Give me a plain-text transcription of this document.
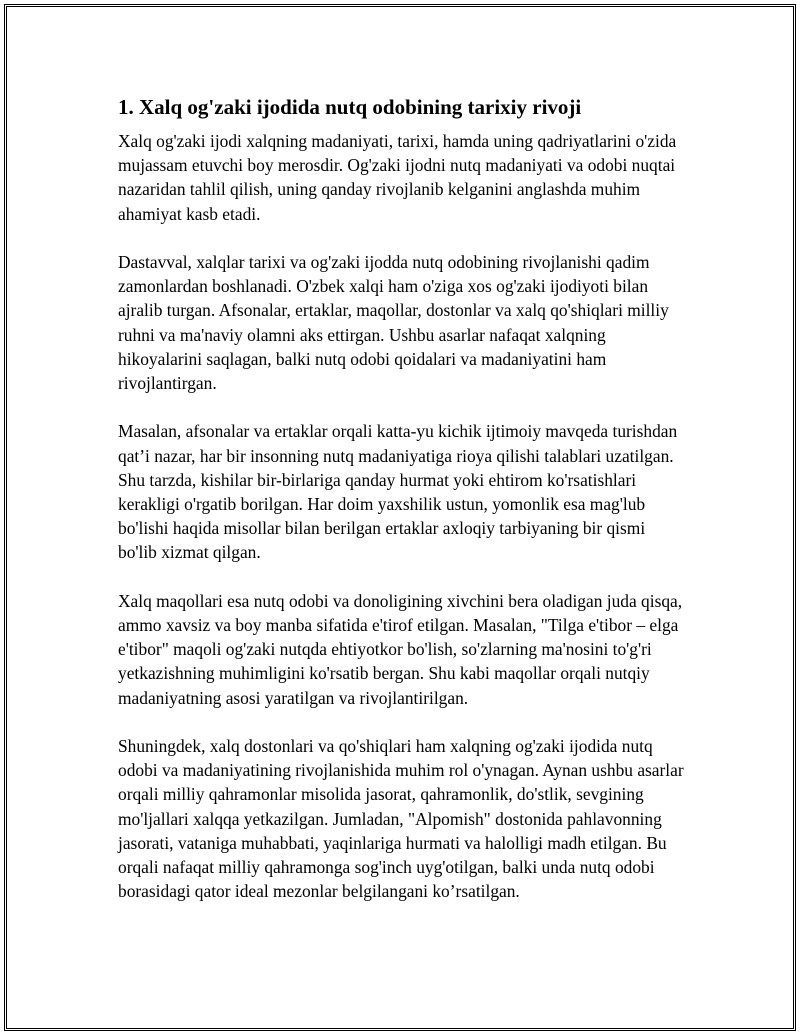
1. Xalq og'zaki ijodida nutq odobining tarixiy rivoji

Xalq og'zaki ijodi xalqning madaniyati, tarixi, hamda uning qadriyatlarini o'zida mujassam etuvchi boy merosdir. Og'zaki ijodni nutq madaniyati va odobi nuqtai nazaridan tahlil qilish, uning qanday rivojlanib kelganini anglashda muhim ahamiyat kasb etadi.

Dastavval, xalqlar tarixi va og'zaki ijodda nutq odobining rivojlanishi qadim zamonlardan boshlanadi. O'zbek xalqi ham o'ziga xos og'zaki ijodiyoti bilan ajralib turgan. Afsonalar, ertaklar, maqollar, dostonlar va xalq qo'shiqlari milliy ruhni va ma'naviy olamni aks ettirgan. Ushbu asarlar nafaqat xalqning hikoyalarini saqlagan, balki nutq odobi qoidalari va madaniyatini ham rivojlantirgan.

Masalan, afsonalar va ertaklar orqali katta-yu kichik ijtimoiy mavqeda turishdan qat’i nazar, har bir insonning nutq madaniyatiga rioya qilishi talablari uzatilgan. Shu tarzda, kishilar bir-birlariga qanday hurmat yoki ehtirom ko'rsatishlari kerakligi o'rgatib borilgan. Har doim yaxshilik ustun, yomonlik esa mag'lub bo'lishi haqida misollar bilan berilgan ertaklar axloqiy tarbiyaning bir qismi bo'lib xizmat qilgan.

Xalq maqollari esa nutq odobi va donoligining xivchini bera oladigan juda qisqa, ammo xavsiz va boy manba sifatida e'tirof etilgan. Masalan, "Tilga e'tibor – elga e'tibor" maqoli og'zaki nutqda ehtiyotkor bo'lish, so'zlarning ma'nosini to'g'ri yetkazishning muhimligini ko'rsatib bergan. Shu kabi maqollar orqali nutqiy madaniyatning asosi yaratilgan va rivojlantirilgan.

Shuningdek, xalq dostonlari va qo'shiqlari ham xalqning og'zaki ijodida nutq odobi va madaniyatining rivojlanishida muhim rol o'ynagan. Aynan ushbu asarlar orqali milliy qahramonlar misolida jasorat, qahramonlik, do'stlik, sevgining mo'ljallari xalqqa yetkazilgan. Jumladan, "Alpomish" dostonida pahlavonning jasorati, vataniga muhabbati, yaqinlariga hurmati va halolligi madh etilgan. Bu orqali nafaqat milliy qahramonga sog'inch uyg'otilgan, balki unda nutq odobi borasidagi qator ideal mezonlar belgilangani ko’rsatilgan.
